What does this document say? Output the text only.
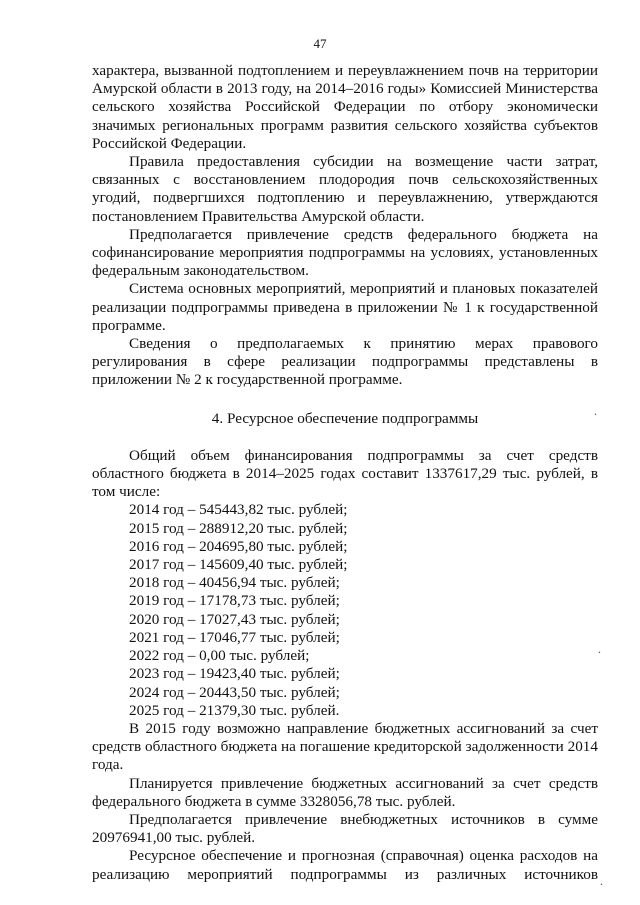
47

характера, вызванной подтоплением и переувлажнением почв на территории Амурской области в 2013 году, на 2014–2016 годы» Комиссией Министерства сельского хозяйства Российской Федерации по отбору экономически значимых региональных программ развития сельского хозяйства субъектов Российской Федерации.

Правила предоставления субсидии на возмещение части затрат, связанных с восстановлением плодородия почв сельскохозяйственных угодий, подвергшихся подтоплению и переувлажнению, утверждаются постановлением Правительства Амурской области.

Предполагается привлечение средств федерального бюджета на софинансирование мероприятия подпрограммы на условиях, установленных федеральным законодательством.

Система основных мероприятий, мероприятий и плановых показателей реализации подпрограммы приведена в приложении № 1 к государственной программе.

Сведения о предполагаемых к принятию мерах правового регулирования в сфере реализации подпрограммы представлены в приложении № 2 к государственной программе.

4. Ресурсное обеспечение подпрограммы

Общий объем финансирования подпрограммы за счет средств областного бюджета в 2014–2025 годах составит 1337617,29 тыс. рублей, в том числе:

2014 год – 545443,82 тыс. рублей;
2015 год – 288912,20 тыс. рублей;
2016 год – 204695,80 тыс. рублей;
2017 год – 145609,40 тыс. рублей;
2018 год – 40456,94 тыс. рублей;
2019 год – 17178,73 тыс. рублей;
2020 год – 17027,43 тыс. рублей;
2021 год – 17046,77 тыс. рублей;
2022 год – 0,00 тыс. рублей;
2023 год – 19423,40 тыс. рублей;
2024 год – 20443,50 тыс. рублей;
2025 год – 21379,30 тыс. рублей.

В 2015 году возможно направление бюджетных ассигнований за счет средств областного бюджета на погашение кредиторской задолженности 2014 года.

Планируется привлечение бюджетных ассигнований за счет средств федерального бюджета в сумме 3328056,78 тыс. рублей.

Предполагается привлечение внебюджетных источников в сумме 20976941,00 тыс. рублей.

Ресурсное обеспечение и прогнозная (справочная) оценка расходов на реализацию мероприятий подпрограммы из различных источников

.
.
.
